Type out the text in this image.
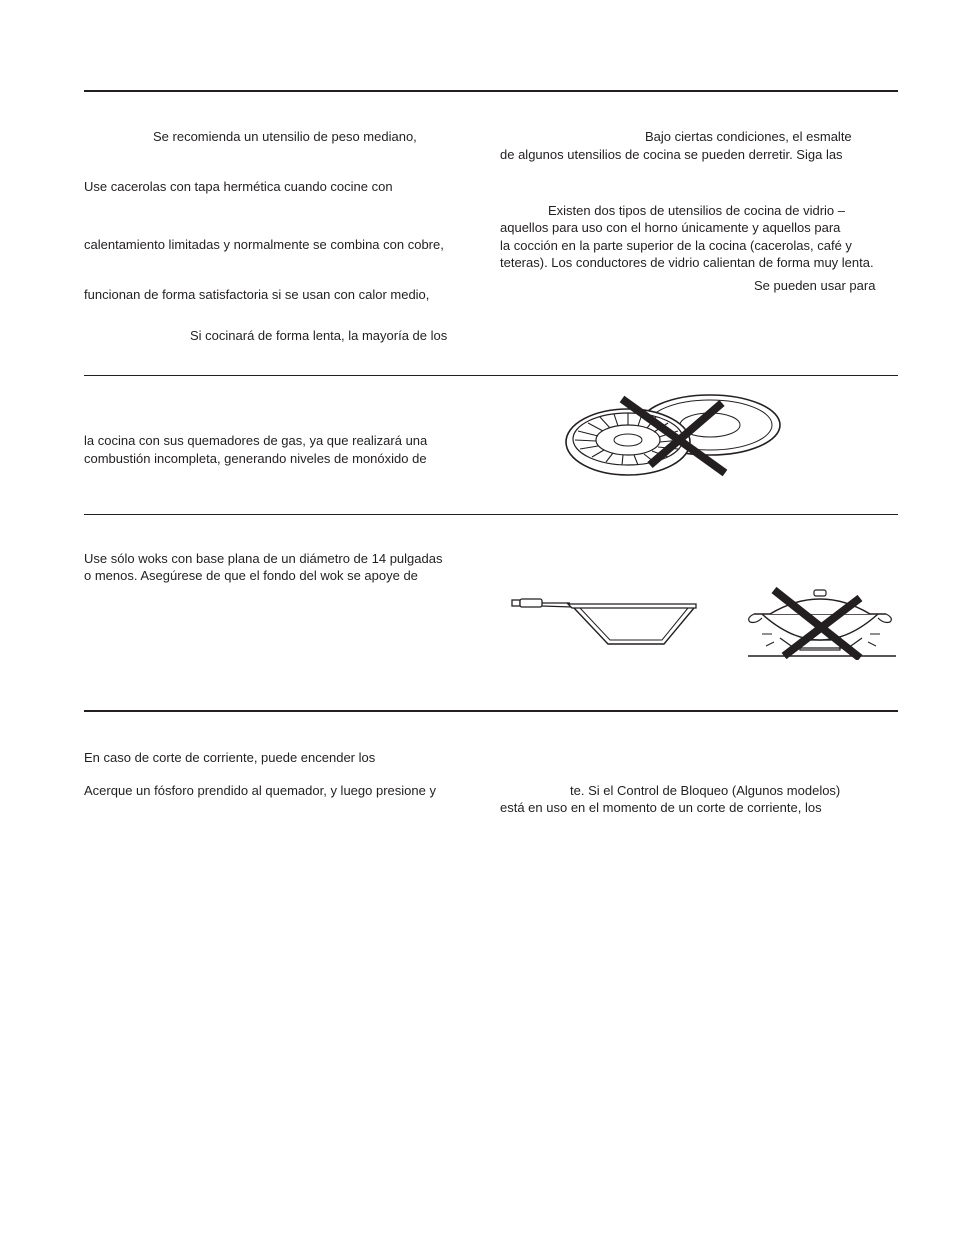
Se recomienda un utensilio de peso mediano,
Use cacerolas con tapa hermética cuando cocine con
calentamiento limitadas y normalmente se combina con cobre,
funcionan de forma satisfactoria si se usan con calor medio,
Si cocinará de forma lenta, la mayoría de los
Bajo ciertas condiciones, el esmalte
de algunos utensilios de cocina se pueden derretir. Siga las
Existen dos tipos de utensilios de cocina de vidrio –
aquellos para uso con el horno únicamente y aquellos para
la cocción en la parte superior de la cocina (cacerolas, café y
teteras). Los conductores de vidrio calientan de forma muy lenta.
Se pueden usar para
la cocina con sus quemadores de gas, ya que realizará una
combustión incompleta, generando niveles de monóxido de
Use sólo woks con base plana de un diámetro de 14 pulgadas
o menos. Asegúrese de que el fondo del wok se apoye de
En caso de corte de corriente, puede encender los
Acerque un fósforo prendido al quemador, y luego presione y	te. Si el Control de Bloqueo (Algunos modelos)
está en uso en el momento de un corte de corriente, los
